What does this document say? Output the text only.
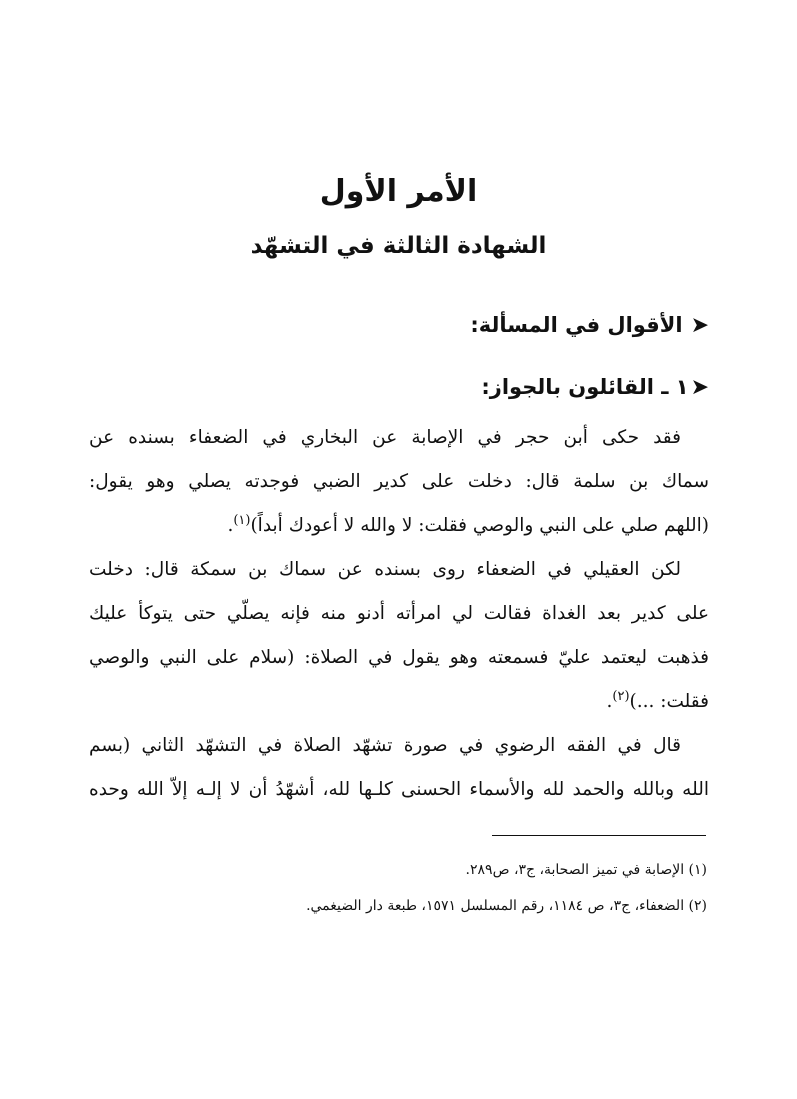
الأمر الأول
الشهادة الثالثة في التشهّد
➤الأقوال في المسألة:
➤١ ـ القائلون بالجواز:
فقد حكى أبن حجر في الإصابة عن البخاري في الضعفاء بسنده عن
سماك بن سلمة قال: دخلت على كدير الضبي فوجدته يصلي وهو يقول:
(اللهم صلي على النبي والوصي فقلت: لا والله لا أعودك أبداً)$^{(١)}$.
لكن العقيلي في الضعفاء روى بسنده عن سماك بن سمكة قال: دخلت
على كدير بعد الغداة فقالت لي امرأته أدنو منه فإنه يصلّي حتى يتوكأ عليك
فذهبت ليعتمد عليّ فسمعته وهو يقول في الصلاة: (سلام على النبي والوصي
فقلت: ...)$^{(٢)}$.
قال في الفقه الرضوي في صورة تشهّد الصلاة في التشهّد الثاني (بسم
الله وبالله والحمد لله والأسماء الحسنى كلـها لله، أشهّدُ أن لا إلـه إلاّ الله وحده
(١) الإصابة في تميز الصحابة، ج٣، ص٢٨٩.
(٢) الضعفاء، ج٣، ص ١١٨٤، رقم المسلسل ١٥٧١، طبعة دار الضيغمي.
